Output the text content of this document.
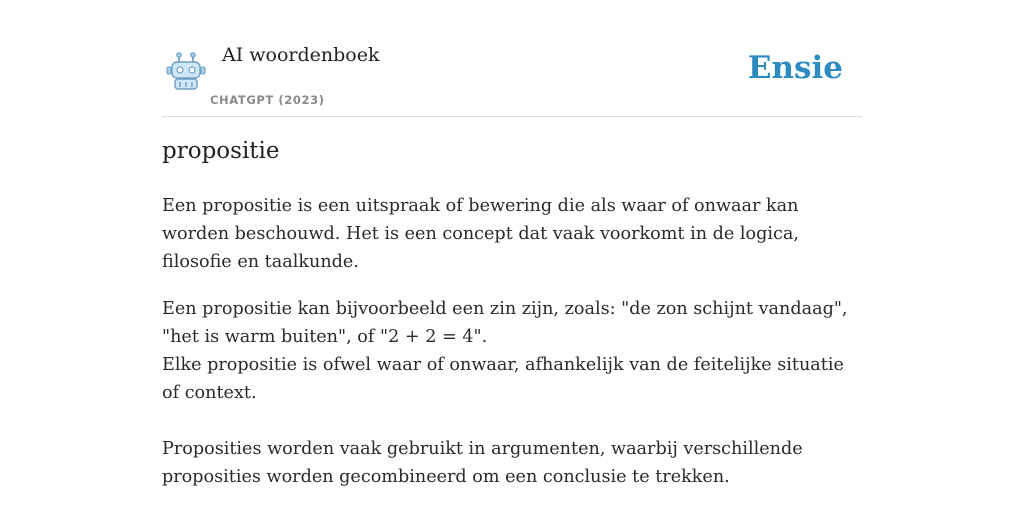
AI woordenboek
CHATGPT (2023)
Ensie
propositie

Een propositie is een uitspraak of bewering die als waar of onwaar kan worden beschouwd. Het is een concept dat vaak voorkomt in de logica, filosofie en taalkunde.

Een propositie kan bijvoorbeeld een zin zijn, zoals: "de zon schijnt vandaag", "het is warm buiten", of "2 + 2 = 4".
Elke propositie is ofwel waar of onwaar, afhankelijk van de feitelijke situatie of context.

Proposities worden vaak gebruikt in argumenten, waarbij verschillende proposities worden gecombineerd om een conclusie te trekken.
